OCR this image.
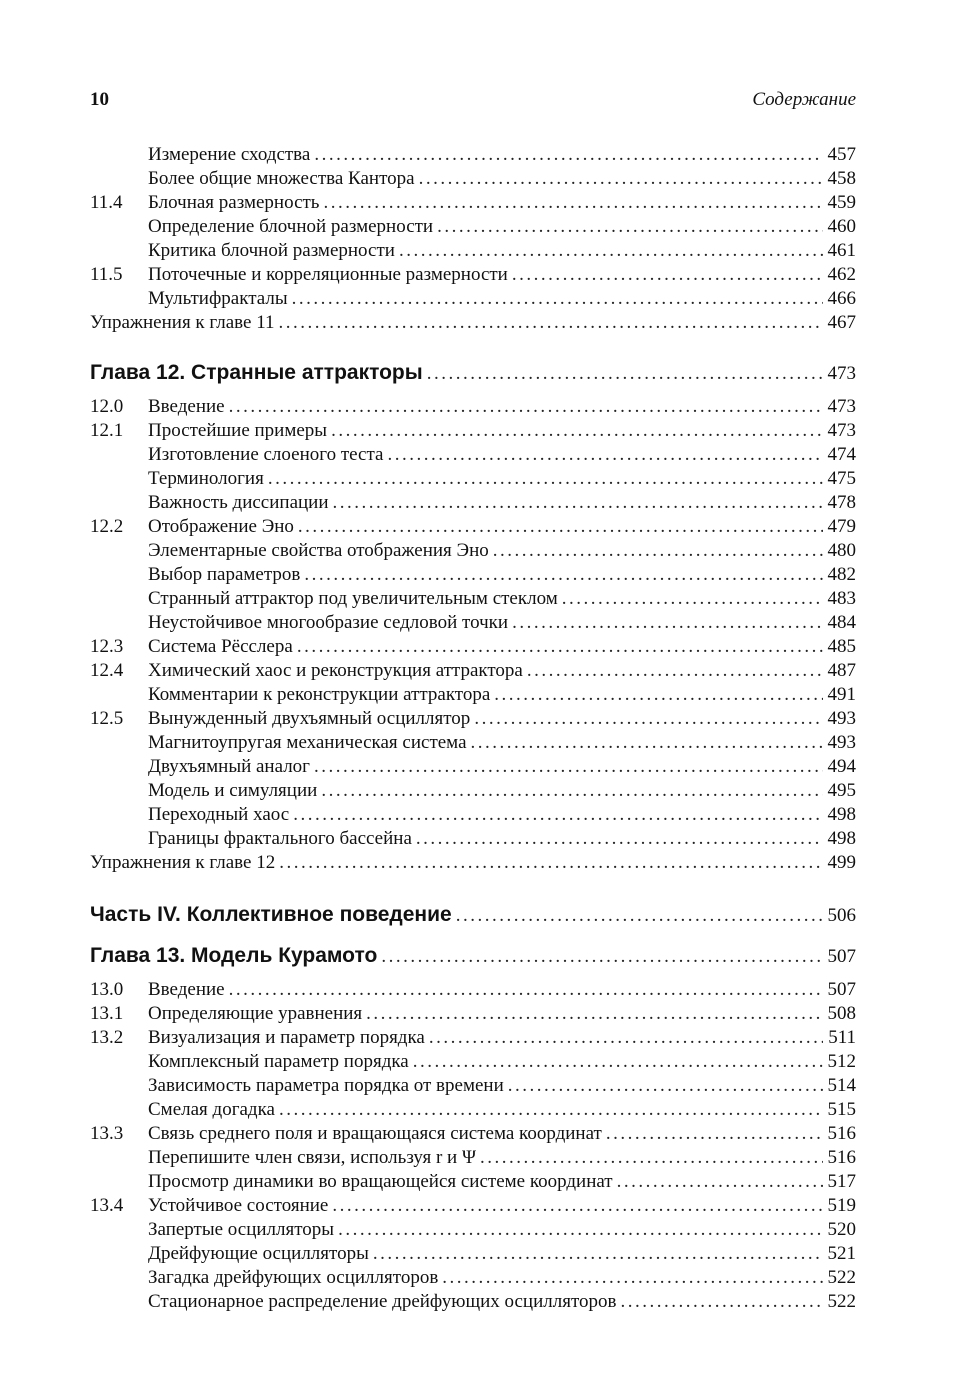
10	Содержание
Измерение сходства .....	457
Более общие множества Кантора .....	458
11.4	Блочная размерность .....	459
Определение блочной размерности .....	460
Критика блочной размерности .....	461
11.5	Поточечные и корреляционные размерности .....	462
Мультифракталы .....	466
Упражнения к главе 11 .....	467
Глава 12. Странные аттракторы .....	473
12.0	Введение .....	473
12.1	Простейшие примеры .....	473
Изготовление слоеного теста .....	474
Терминология .....	475
Важность диссипации .....	478
12.2	Отображение Эно .....	479
Элементарные свойства отображения Эно .....	480
Выбор параметров .....	482
Странный аттрактор под увеличительным стеклом .....	483
Неустойчивое многообразие седловой точки .....	484
12.3	Система Рёсслера .....	485
12.4	Химический хаос и реконструкция аттрактора .....	487
Комментарии к реконструкции аттрактора .....	491
12.5	Вынужденный двухъямный осциллятор .....	493
Магнитоупругая механическая система .....	493
Двухъямный аналог .....	494
Модель и симуляции .....	495
Переходный хаос .....	498
Границы фрактального бассейна .....	498
Упражнения к главе 12 .....	499
Часть IV. Коллективное поведение .....	506
Глава 13. Модель Курамото .....	507
13.0	Введение .....	507
13.1	Определяющие уравнения .....	508
13.2	Визуализация и параметр порядка .....	511
Комплексный параметр порядка .....	512
Зависимость параметра порядка от времени .....	514
Смелая догадка .....	515
13.3	Связь среднего поля и вращающаяся система координат .....	516
Перепишите член связи, используя r и Ψ .....	516
Просмотр динамики во вращающейся системе координат .....	517
13.4	Устойчивое состояние .....	519
Запертые осцилляторы .....	520
Дрейфующие осцилляторы .....	521
Загадка дрейфующих осцилляторов .....	522
Стационарное распределение дрейфующих осцилляторов .....	522
